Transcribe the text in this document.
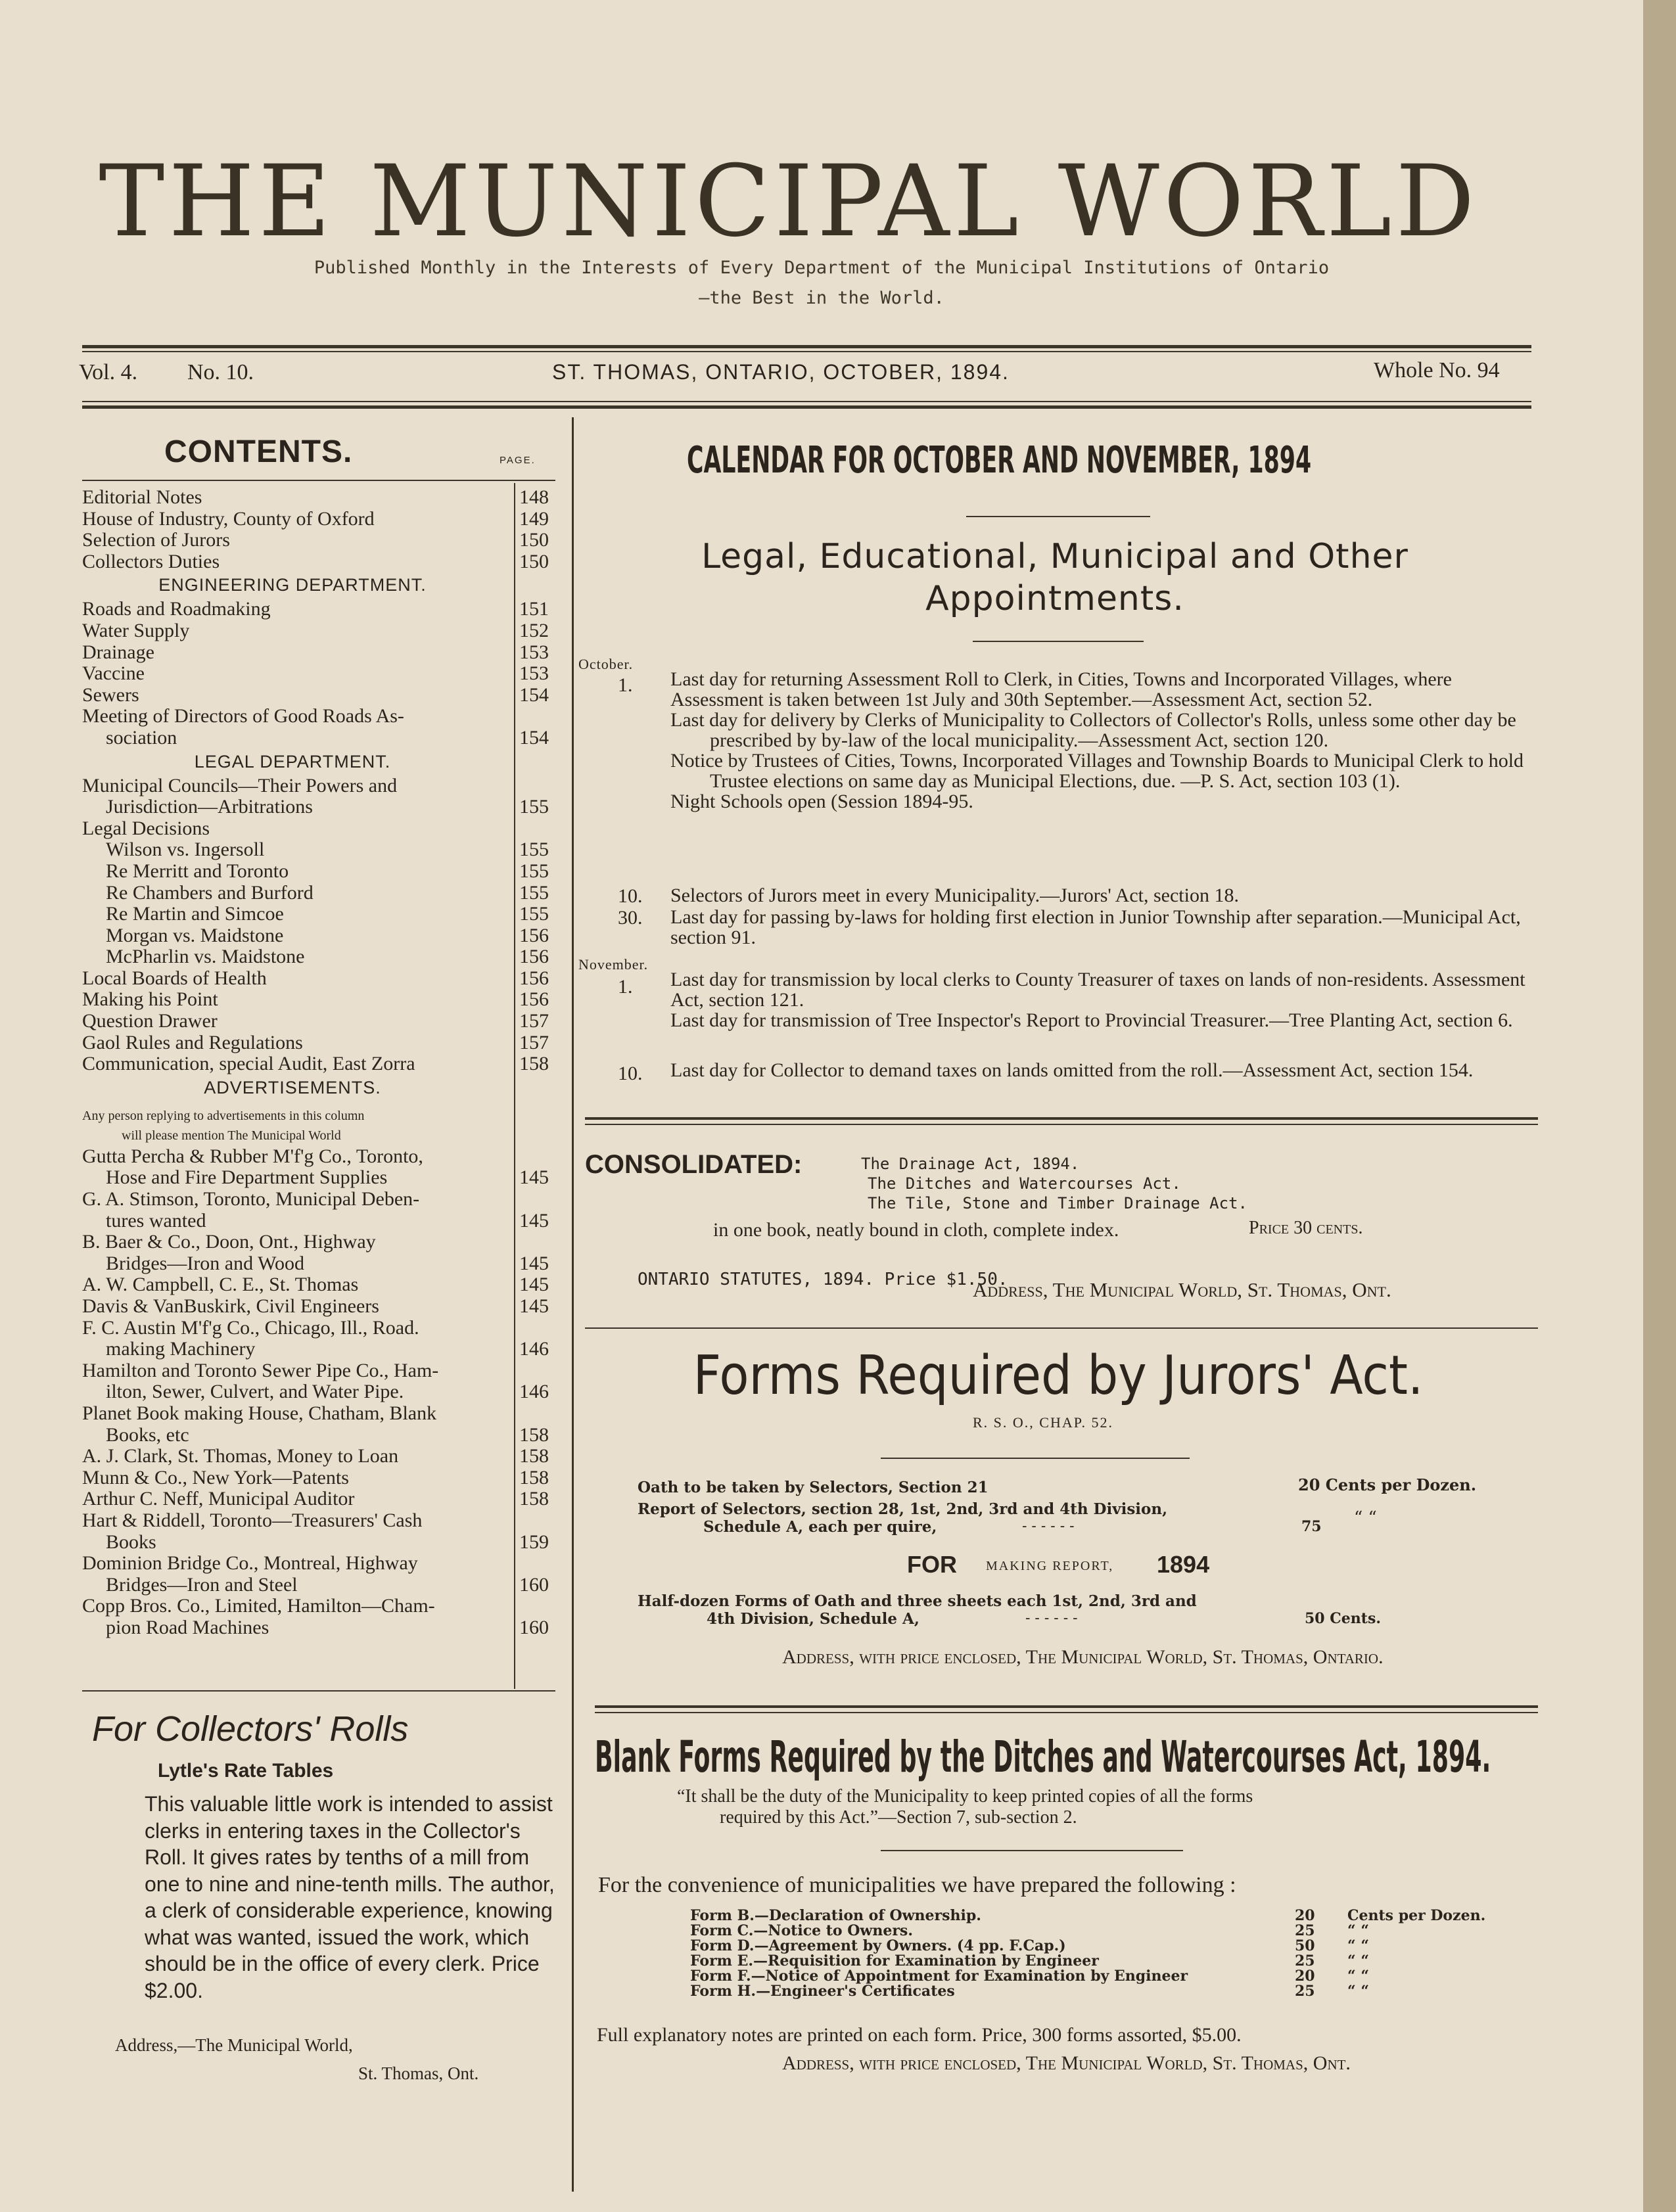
THE MUNICIPAL WORLD
Published Monthly in the Interests of Every Department of the Municipal Institutions of Ontario
—the Best in the World.
Vol. 4. No. 10.	ST. THOMAS, ONTARIO, OCTOBER, 1894.	Whole No. 94
CONTENTS.	PAGE.
Editorial Notes	148
House of Industry, County of Oxford	149
Selection of Jurors	150
Collectors Duties	150
ENGINEERING DEPARTMENT.
Roads and Roadmaking	151
Water Supply	152
Drainage	153
Vaccine	153
Sewers	154
Meeting of Directors of Good Roads As-
sociation	154
LEGAL DEPARTMENT.
Municipal Councils—Their Powers and
Jurisdiction—Arbitrations	155
Legal Decisions
Wilson vs. Ingersoll	155
Re Merritt and Toronto	155
Re Chambers and Burford	155
Re Martin and Simcoe	155
Morgan vs. Maidstone	156
McPharlin vs. Maidstone	156
Local Boards of Health	156
Making his Point	156
Question Drawer	157
Gaol Rules and Regulations	157
Communication, special Audit, East Zorra	158
ADVERTISEMENTS.
Any person replying to advertisements in this column
will please mention The Municipal World
Gutta Percha & Rubber M'f'g Co., Toronto,
Hose and Fire Department Supplies	145
G. A. Stimson, Toronto, Municipal Deben-
tures wanted	145
B. Baer & Co., Doon, Ont., Highway
Bridges—Iron and Wood	145
A. W. Campbell, C. E., St. Thomas	145
Davis & VanBuskirk, Civil Engineers	145
F. C. Austin M'f'g Co., Chicago, Ill., Road.
making Machinery	146
Hamilton and Toronto Sewer Pipe Co., Ham-
ilton, Sewer, Culvert, and Water Pipe.	146
Planet Book making House, Chatham, Blank
Books, etc	158
A. J. Clark, St. Thomas, Money to Loan	158
Munn & Co., New York—Patents	158
Arthur C. Neff, Municipal Auditor	158
Hart & Riddell, Toronto—Treasurers' Cash
Books	159
Dominion Bridge Co., Montreal, Highway
Bridges—Iron and Steel	160
Copp Bros. Co., Limited, Hamilton—Cham-
pion Road Machines	160
For Collectors' Rolls
Lytle's Rate Tables
This valuable little work is intended to assist clerks in entering taxes in the Collector's Roll. It gives rates by tenths of a mill from one to nine and nine-tenth mills. The author, a clerk of considerable experience, knowing what was wanted, issued the work, which should be in the office of every clerk. Price $2.00.
Address,—The Municipal World,
St. Thomas, Ont.
CALENDAR FOR OCTOBER AND NOVEMBER, 1894
Legal, Educational, Municipal and Other
Appointments.
October.
1. Last day for returning Assessment Roll to Clerk, in Cities, Towns and Incorporated Villages, where Assessment is taken between 1st July and 30th September.—Assessment Act, section 52.
Last day for delivery by Clerks of Municipality to Collectors of Collector's Rolls, unless some other day be prescribed by by-law of the local municipality.—Assessment Act, section 120.
Notice by Trustees of Cities, Towns, Incorporated Villages and Township Boards to Municipal Clerk to hold Trustee elections on same day as Municipal Elections, due. —P. S. Act, section 103 (1).
Night Schools open (Session 1894-95.
10. Selectors of Jurors meet in every Municipality.—Jurors' Act, section 18.
30. Last day for passing by-laws for holding first election in Junior Township after separation.—Municipal Act, section 91.
November.
1. Last day for transmission by local clerks to County Treasurer of taxes on lands of non-residents. Assessment Act, section 121.
Last day for transmission of Tree Inspector's Report to Provincial Treasurer.—Tree Planting Act, section 6.
10. Last day for Collector to demand taxes on lands omitted from the roll.—Assessment Act, section 154.
CONSOLIDATED:	The Drainage Act, 1894.
The Ditches and Watercourses Act.
The Tile, Stone and Timber Drainage Act.
in one book, neatly bound in cloth, complete index.	Price 30 cents.
ONTARIO STATUTES, 1894. Price $1.50.
Address, The Municipal World, St. Thomas, Ont.
Forms Required by Jurors' Act.
R. S. O., CHAP. 52.
Oath to be taken by Selectors, Section 21	20 Cents per Dozen.
Report of Selectors, section 28, 1st, 2nd, 3rd and 4th Division,
Schedule A, each per quire,	- - - - - -	75 “ “
FOR MAKING REPORT, 1894
Half-dozen Forms of Oath and three sheets each 1st, 2nd, 3rd and
4th Division, Schedule A,	- - - - - -	50 Cents.
Address, with price enclosed, The Municipal World, St. Thomas, Ontario.
Blank Forms Required by the Ditches and Watercourses Act, 1894.
“It shall be the duty of the Municipality to keep printed copies of all the forms
required by this Act.”—Section 7, sub-section 2.
For the convenience of municipalities we have prepared the following :
Form B.—Declaration of Ownership.	20 Cents per Dozen.
Form C.—Notice to Owners.	25 “ “
Form D.—Agreement by Owners. (4 pp. F.Cap.)	50 “ “
Form E.—Requisition for Examination by Engineer	25 “ “
Form F.—Notice of Appointment for Examination by Engineer	20 “ “
Form H.—Engineer's Certificates	25 “ “
Full explanatory notes are printed on each form. Price, 300 forms assorted, $5.00.
Address, with price enclosed, The Municipal World, St. Thomas, Ont.
